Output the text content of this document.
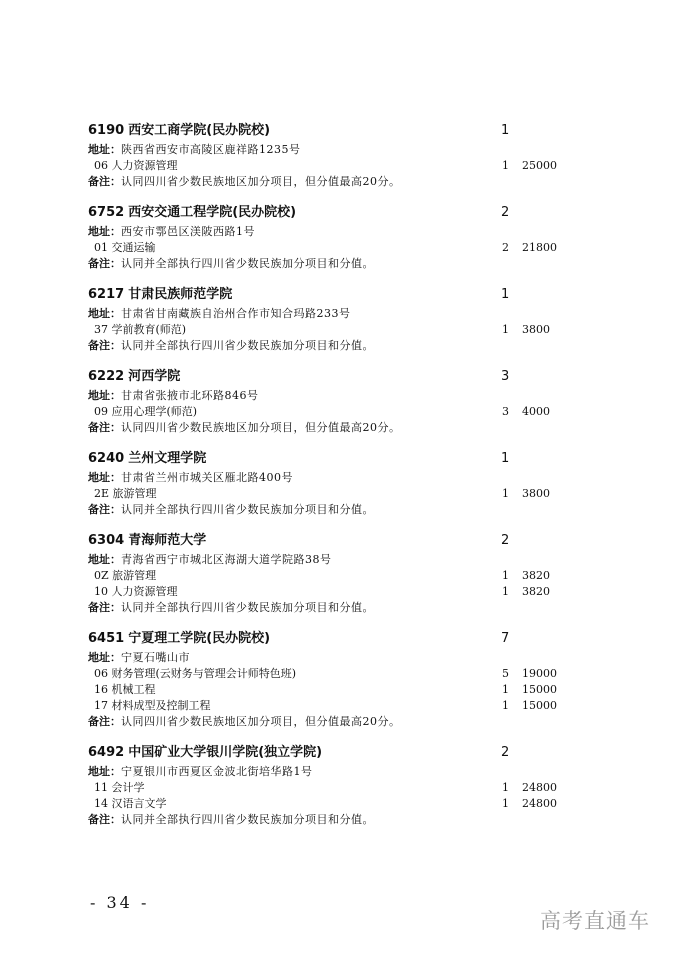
6190 西安工商学院(民办院校)	1
地址：陕西省西安市高陵区鹿祥路1235号
06 人力资源管理	1 25000
备注：认同四川省少数民族地区加分项目，但分值最高20分。
6752 西安交通工程学院(民办院校)	2
地址：西安市鄠邑区渼陂西路1号
01 交通运输	2 21800
备注：认同并全部执行四川省少数民族加分项目和分值。
6217 甘肃民族师范学院	1
地址：甘肃省甘南藏族自治州合作市知合玛路233号
37 学前教育(师范)	1 3800
备注：认同并全部执行四川省少数民族加分项目和分值。
6222 河西学院	3
地址：甘肃省张掖市北环路846号
09 应用心理学(师范)	3 4000
备注：认同四川省少数民族地区加分项目，但分值最高20分。
6240 兰州文理学院	1
地址：甘肃省兰州市城关区雁北路400号
2E 旅游管理	1 3800
备注：认同并全部执行四川省少数民族加分项目和分值。
6304 青海师范大学	2
地址：青海省西宁市城北区海湖大道学院路38号
0Z 旅游管理	1 3820
10 人力资源管理	1 3820
备注：认同并全部执行四川省少数民族加分项目和分值。
6451 宁夏理工学院(民办院校)	7
地址：宁夏石嘴山市
06 财务管理(云财务与管理会计师特色班)	5 19000
16 机械工程	1 15000
17 材料成型及控制工程	1 15000
备注：认同四川省少数民族地区加分项目，但分值最高20分。
6492 中国矿业大学银川学院(独立学院)	2
地址：宁夏银川市西夏区金波北街培华路1号
11 会计学	1 24800
14 汉语言文学	1 24800
备注：认同并全部执行四川省少数民族加分项目和分值。
- 34 -
高考直通车
